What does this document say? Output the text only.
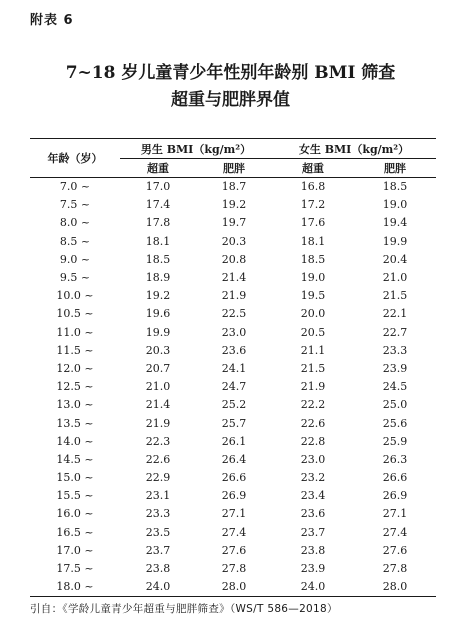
附表 6
7~18 岁儿童青少年性别年龄别 BMI 筛查
超重与肥胖界值
年龄（岁）	男生 BMI（kg/m²）		女生 BMI（kg/m²）	
	超重	肥胖	超重	肥胖
7.0 ~	17.0	18.7	16.8	18.5
7.5 ~	17.4	19.2	17.2	19.0
8.0 ~	17.8	19.7	17.6	19.4
8.5 ~	18.1	20.3	18.1	19.9
9.0 ~	18.5	20.8	18.5	20.4
9.5 ~	18.9	21.4	19.0	21.0
10.0 ~	19.2	21.9	19.5	21.5
10.5 ~	19.6	22.5	20.0	22.1
11.0 ~	19.9	23.0	20.5	22.7
11.5 ~	20.3	23.6	21.1	23.3
12.0 ~	20.7	24.1	21.5	23.9
12.5 ~	21.0	24.7	21.9	24.5
13.0 ~	21.4	25.2	22.2	25.0
13.5 ~	21.9	25.7	22.6	25.6
14.0 ~	22.3	26.1	22.8	25.9
14.5 ~	22.6	26.4	23.0	26.3
15.0 ~	22.9	26.6	23.2	26.6
15.5 ~	23.1	26.9	23.4	26.9
16.0 ~	23.3	27.1	23.6	27.1
16.5 ~	23.5	27.4	23.7	27.4
17.0 ~	23.7	27.6	23.8	27.6
17.5 ~	23.8	27.8	23.9	27.8
18.0 ~	24.0	28.0	24.0	28.0
引自：《学龄儿童青少年超重与肥胖筛查》（WS/T 586—2018）
